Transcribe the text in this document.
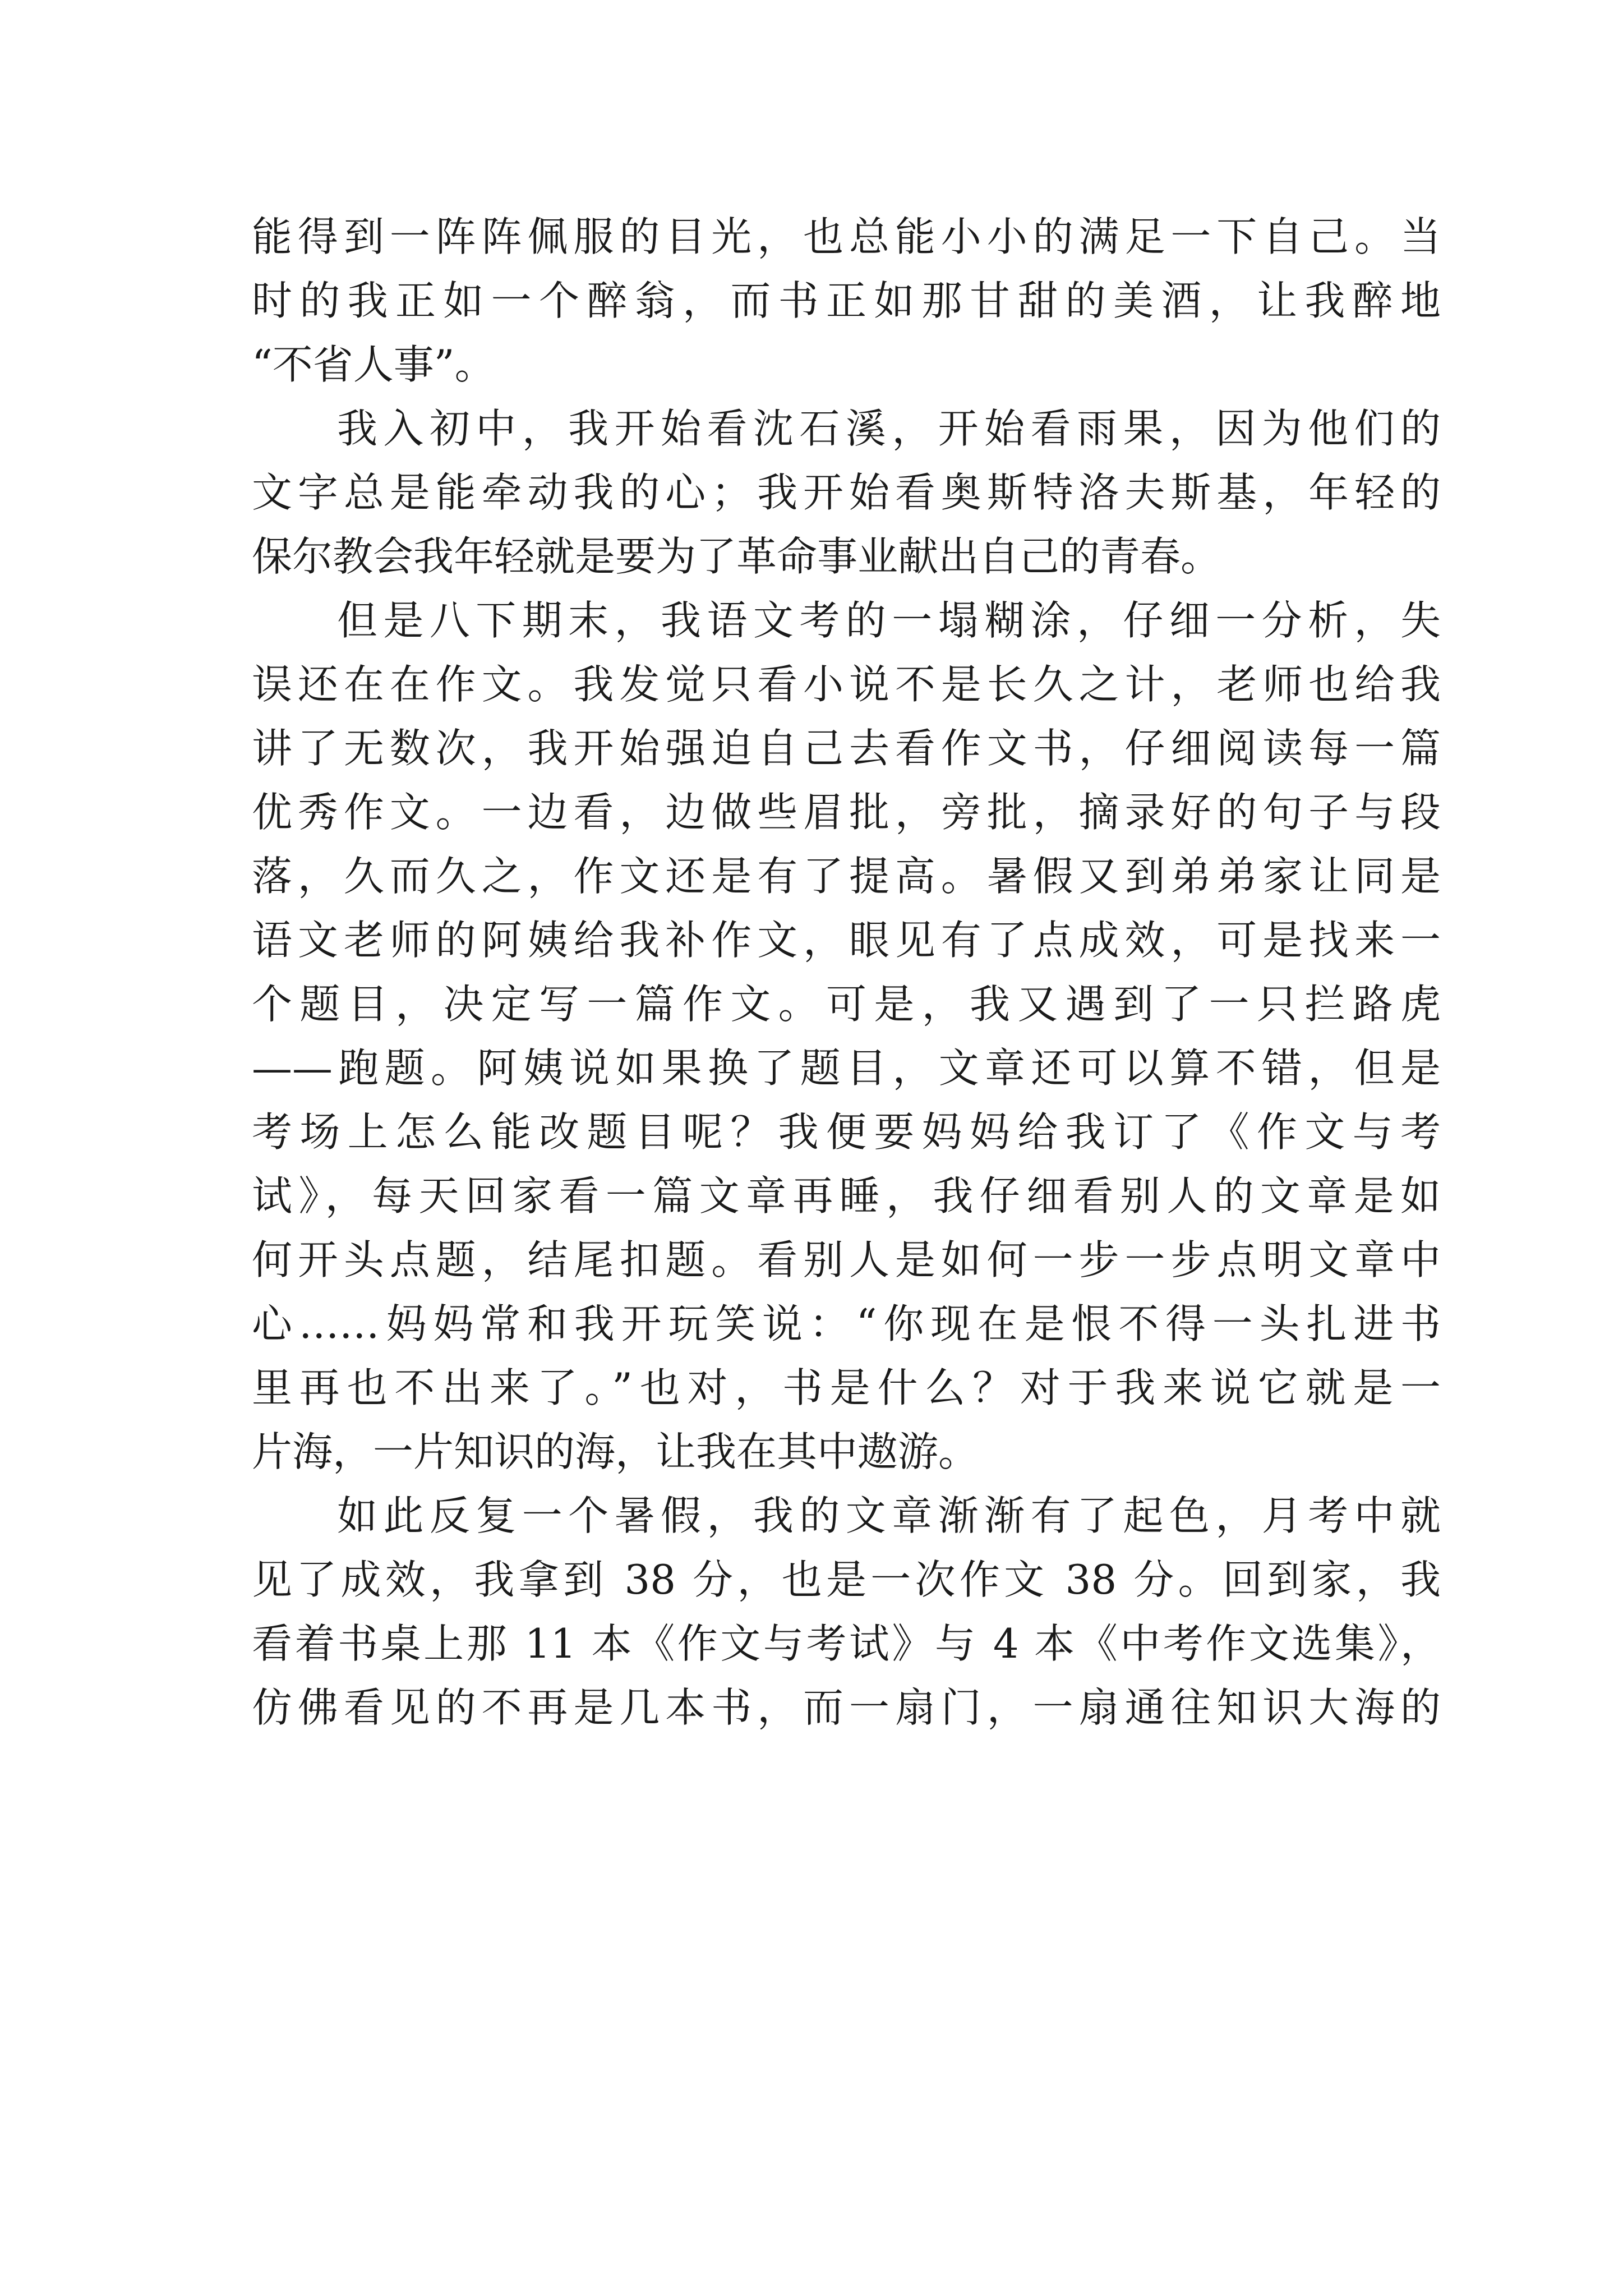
能得到一阵阵佩服的目光，也总能小小的满足一下自己。当
时的我正如一个醉翁，而书正如那甘甜的美酒，让我醉地
“不省人事”。
我入初中，我开始看沈石溪，开始看雨果，因为他们的
文字总是能牵动我的心；我开始看奥斯特洛夫斯基，年轻的
保尔教会我年轻就是要为了革命事业献出自己的青春。
但是八下期末，我语文考的一塌糊涂，仔细一分析，失
误还在在作文。我发觉只看小说不是长久之计，老师也给我
讲了无数次，我开始强迫自己去看作文书，仔细阅读每一篇
优秀作文。一边看，边做些眉批，旁批，摘录好的句子与段
落，久而久之，作文还是有了提高。暑假又到弟弟家让同是
语文老师的阿姨给我补作文，眼见有了点成效，可是找来一
个题目，决定写一篇作文。可是，我又遇到了一只拦路虎
——跑题。阿姨说如果换了题目，文章还可以算不错，但是
考场上怎么能改题目呢？我便要妈妈给我订了《作文与考
试》，每天回家看一篇文章再睡，我仔细看别人的文章是如
何开头点题，结尾扣题。看别人是如何一步一步点明文章中
心……妈妈常和我开玩笑说：“你现在是恨不得一头扎进书
里再也不出来了。”也对，书是什么？对于我来说它就是一
片海，一片知识的海，让我在其中遨游。
如此反复一个暑假，我的文章渐渐有了起色，月考中就
见了成效，我拿到 38 分，也是一次作文 38 分。回到家，我
看着书桌上那 11 本《作文与考试》与 4 本《中考作文选集》，
仿佛看见的不再是几本书，而一扇门，一扇通往知识大海的
